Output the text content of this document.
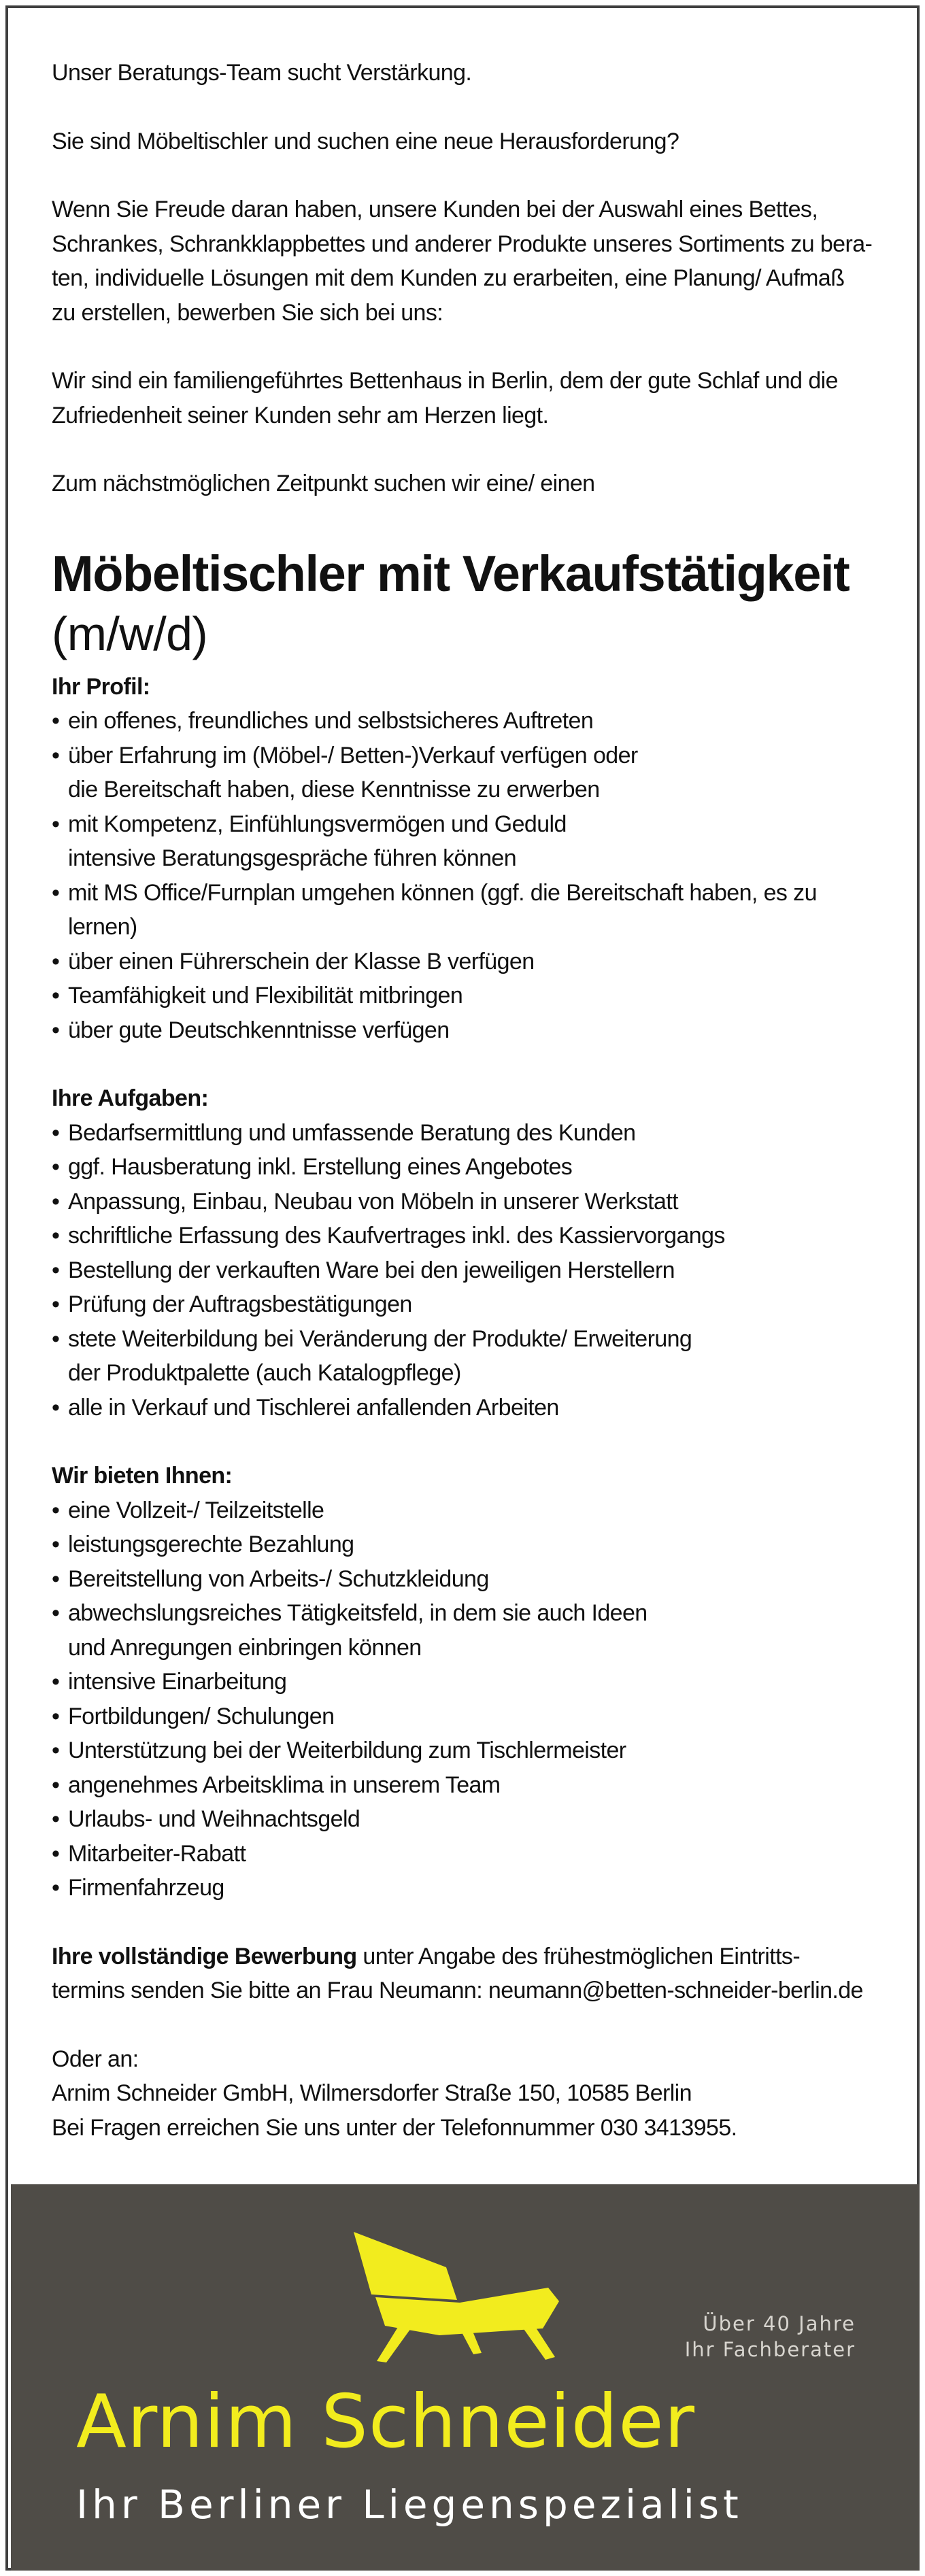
Unser Beratungs-Team sucht Verstärkung.

Sie sind Möbeltischler und suchen eine neue Herausforderung?

Wenn Sie Freude daran haben, unsere Kunden bei der Auswahl eines Bettes,

Schrankes, Schrankklappbettes und anderer Produkte unseres Sortiments zu bera-

ten, individuelle Lösungen mit dem Kunden zu erarbeiten, eine Planung/ Aufmaß

zu erstellen, bewerben Sie sich bei uns:

Wir sind ein familiengeführtes Bettenhaus in Berlin, dem der gute Schlaf und die

Zufriedenheit seiner Kunden sehr am Herzen liegt.

Zum nächstmöglichen Zeitpunkt suchen wir eine/ einen

Möbeltischler mit Verkaufstätigkeit
(m/w/d)

Ihr Profil:

• ein offenes, freundliches und selbstsicheres Auftreten
• über Erfahrung im (Möbel-/ Betten-)Verkauf verfügen oder
die Bereitschaft haben, diese Kenntnisse zu erwerben
• mit Kompetenz, Einfühlungsvermögen und Geduld
intensive Beratungsgespräche führen können
• mit MS Office/Furnplan umgehen können (ggf. die Bereitschaft haben, es zu lernen)
• über einen Führerschein der Klasse B verfügen
• Teamfähigkeit und Flexibilität mitbringen
• über gute Deutschkenntnisse verfügen

Ihre Aufgaben:

• Bedarfsermittlung und umfassende Beratung des Kunden
• ggf. Hausberatung inkl. Erstellung eines Angebotes
• Anpassung, Einbau, Neubau von Möbeln in unserer Werkstatt
• schriftliche Erfassung des Kaufvertrages inkl. des Kassiervorgangs
• Bestellung der verkauften Ware bei den jeweiligen Herstellern
• Prüfung der Auftragsbestätigungen
• stete Weiterbildung bei Veränderung der Produkte/ Erweiterung
der Produktpalette (auch Katalogpflege)
• alle in Verkauf und Tischlerei anfallenden Arbeiten

Wir bieten Ihnen:

• eine Vollzeit-/ Teilzeitstelle
• leistungsgerechte Bezahlung
• Bereitstellung von Arbeits-/ Schutzkleidung
• abwechslungsreiches Tätigkeitsfeld, in dem sie auch Ideen
und Anregungen einbringen können
• intensive Einarbeitung
• Fortbildungen/ Schulungen
• Unterstützung bei der Weiterbildung zum Tischlermeister
• angenehmes Arbeitsklima in unserem Team
• Urlaubs- und Weihnachtsgeld
• Mitarbeiter-Rabatt
• Firmenfahrzeug

Ihre vollständige Bewerbung unter Angabe des frühestmöglichen Eintritts-

termins senden Sie bitte an Frau Neumann: neumann@betten-schneider-berlin.de

Oder an:

Arnim Schneider GmbH, Wilmersdorfer Straße 150, 10585 Berlin

Bei Fragen erreichen Sie uns unter der Telefonnummer 030 3413955.

Über 40 Jahre
Ihr Fachberater
Arnim Schneider
Ihr Berliner Liegenspezialist
